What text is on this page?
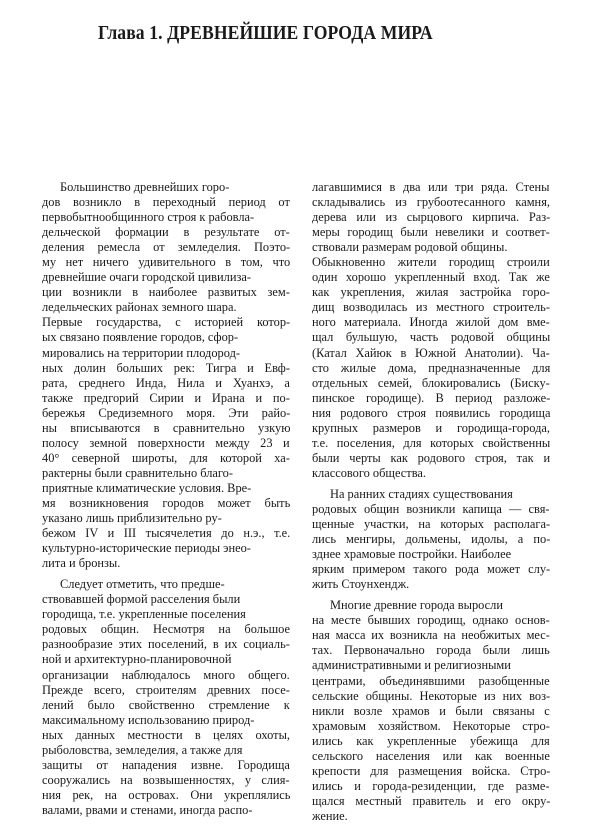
Глава 1. ДРЕВНЕЙШИЕ ГОРОДА МИРА
Большинство древнейших горо-
дов возникло в переходный период от
первобытнообщинного строя к рабовла-
дельческой формации в результате от-
деления ремесла от земледелия. Поэто-
му нет ничего удивительного в том, что
древнейшие очаги городской цивилиза-
ции возникли в наиболее развитых зем-
ледельческих районах земного шара.
Первые государства, с историей котор-
ых связано появление городов, сфор-
мировались на территории плодород-
ных долин больших рек: Тигра и Евф-
рата, среднего Инда, Нила и Хуанхэ, а
также предгорий Сирии и Ирана и по-
бережья Средиземного моря. Эти райо-
ны вписываются в сравнительно узкую
полосу земной поверхности между 23 и
40° северной широты, для которой ха-
рактерны были сравнительно благо-
приятные климатические условия. Вре-
мя возникновения городов может быть
указано лишь приблизительно ру-
бежом IV и III тысячелетия до н.э., т.е.
культурно-исторические периоды энео-
лита и бронзы.
Следует отметить, что предше-
ствовавшей формой расселения были
городища, т.е. укрепленные поселения
родовых общин. Несмотря на большое
разнообразие этих поселений, в их социаль-
ной и архитектурно-планировочной
организации наблюдалось много общего.
Прежде всего, строителям древних посе-
лений было свойственно стремление к
максимальному использованию природ-
ных данных местности в целях охоты,
рыболовства, земледелия, а также для
защиты от нападения извне. Городища
сооружались на возвышенностях, у слия-
ния рек, на островах. Они укреплялись
валами, рвами и стенами, иногда распо-
лагавшимися в два или три ряда. Стены
складывались из грубоотесанного камня,
дерева или из сырцового кирпича. Раз-
меры городищ были невелики и соответ-
ствовали размерам родовой общины.
Обыкновенно жители городищ строили
один хорошо укрепленный вход. Так же
как укрепления, жилая застройка горо-
дищ возводилась из местного строитель-
ного материала. Иногда жилой дом вме-
щал бульшую, часть родовой общины
(Катал Хайюк в Южной Анатолии). Ча-
сто жилые дома, предназначенные для
отдельных семей, блокировались (Биску-
пинское городище). В период разложе-
ния родового строя появились городища
крупных размеров и городища-города,
т.е. поселения, для которых свойственны
были черты как родового строя, так и
классового общества.
На ранних стадиях существования
родовых общин возникли капища — свя-
щенные участки, на которых располага-
лись менгиры, дольмены, идолы, а по-
зднее храмовые постройки. Наиболее
ярким примером такого рода может слу-
жить Стоунхендж.
Многие древние города выросли
на месте бывших городищ, однако основ-
ная масса их возникла на необжитых мес-
тах. Первоначально города были лишь
административными и религиозными
центрами, объединявшими разобщенные
сельские общины. Некоторые из них воз-
никли возле храмов и были связаны с
храмовым хозяйством. Некоторые стро-
ились как укрепленные убежища для
сельского населения или как военные
крепости для размещения войска. Стро-
ились и города-резиденции, где разме-
щался местный правитель и его окру-
жение.
